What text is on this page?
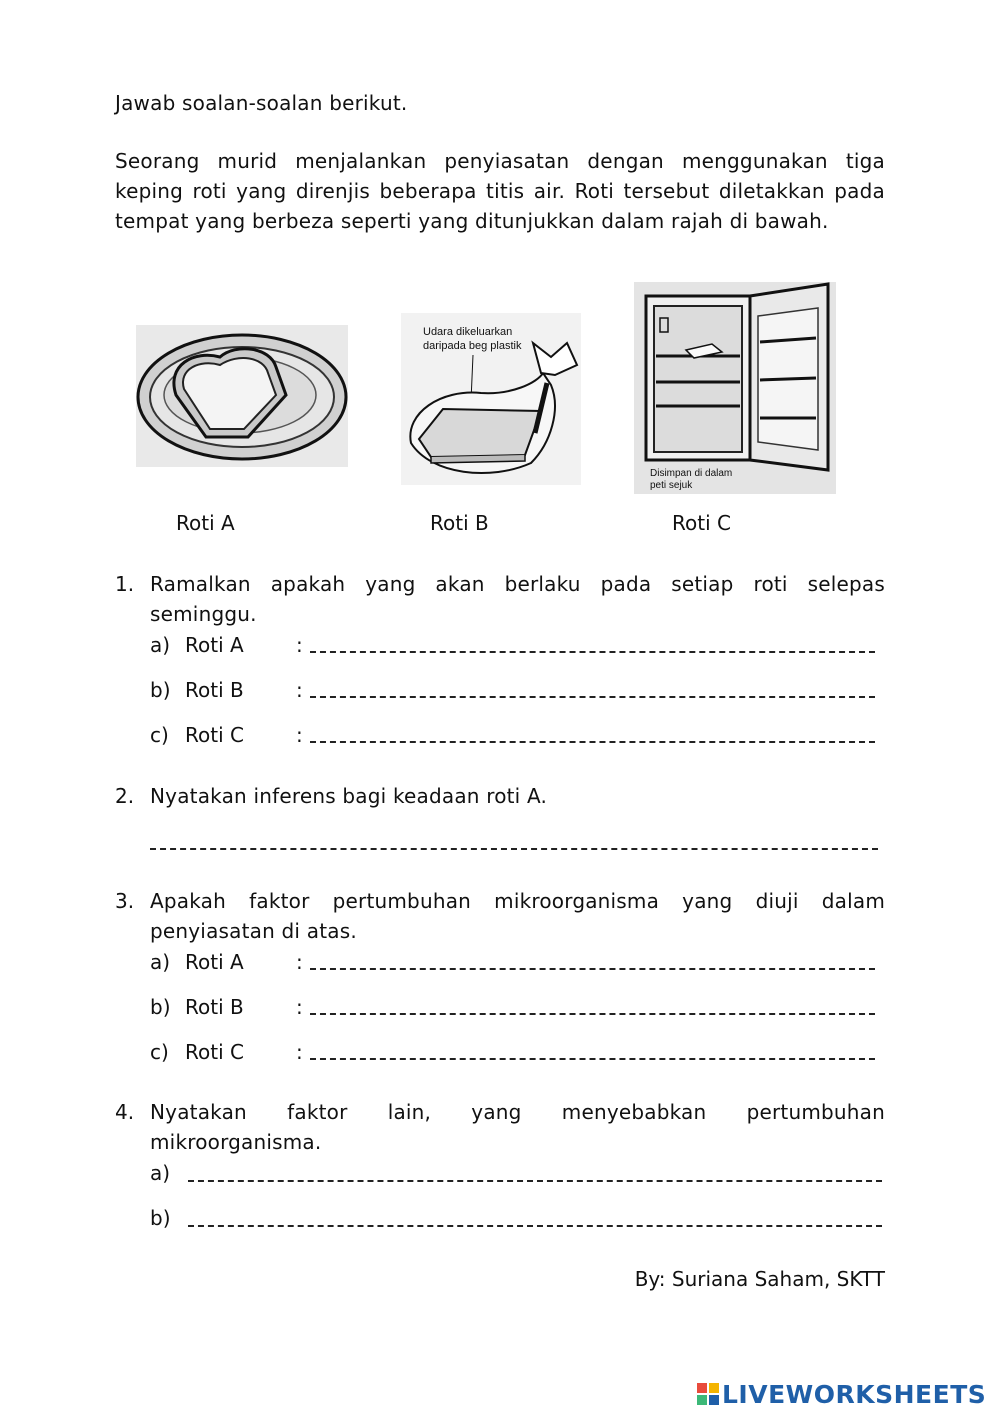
Jawab soalan-soalan berikut.
Seorang murid menjalankan penyiasatan dengan menggunakan tiga keping roti yang direnjis beberapa titis air. Roti tersebut diletakkan pada tempat yang berbeza seperti yang ditunjukkan dalam rajah di bawah.
Udara dikeluarkan
daripada beg plastik
Disimpan di dalam
peti sejuk
Roti A	Roti B	Roti C
1. Ramalkan apakah yang akan berlaku pada setiap roti selepas seminggu.
a) Roti A	:
b) Roti B	:
c) Roti C	:
2. Nyatakan inferens bagi keadaan roti A.
3. Apakah faktor pertumbuhan mikroorganisma yang diuji dalam penyiasatan di atas.
a) Roti A	:
b) Roti B	:
c) Roti C	:
4. Nyatakan faktor lain, yang menyebabkan pertumbuhan mikroorganisma.
a)
b)
By: Suriana Saham, SKTT
LIVEWORKSHEETS
